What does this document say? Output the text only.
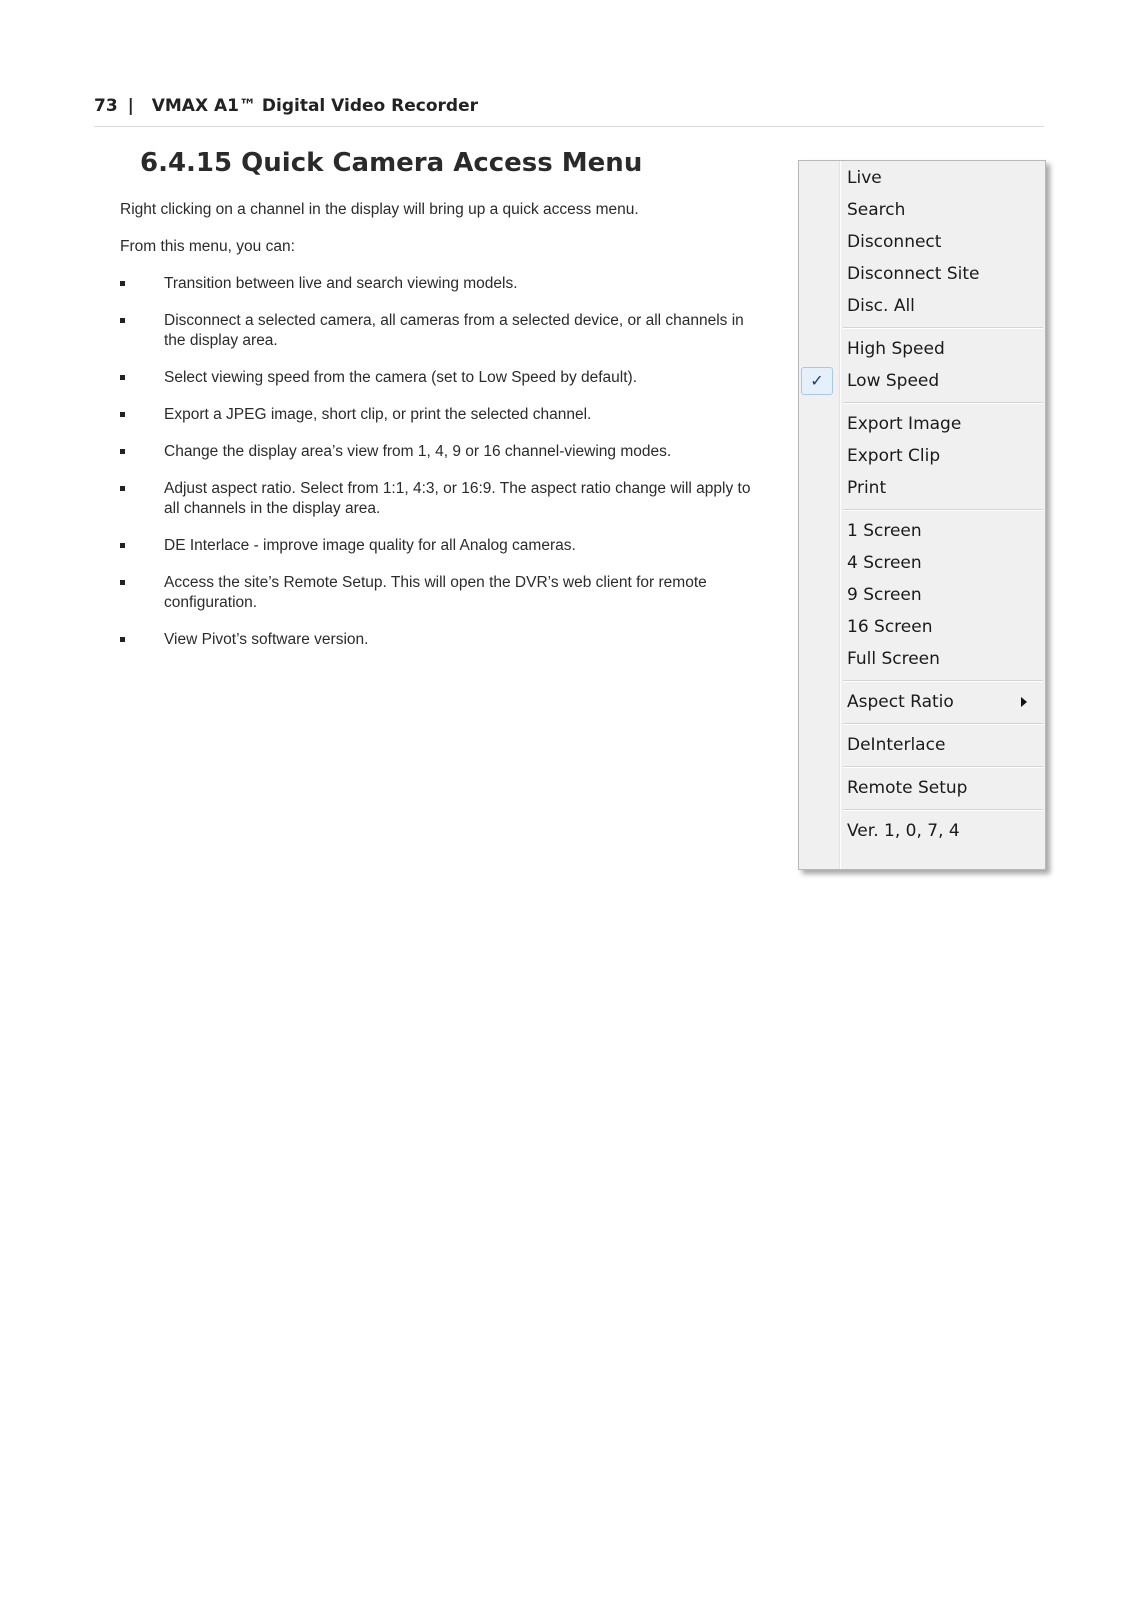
73 | VMAX A1™ Digital Video Recorder
6.4.15 Quick Camera Access Menu

Right clicking on a channel in the display will bring up a quick access menu.

From this menu, you can:

Transition between live and search viewing models.
Disconnect a selected camera, all cameras from a selected device, or all channels in the display area.
Select viewing speed from the camera (set to Low Speed by default).
Export a JPEG image, short clip, or print the selected channel.
Change the display area’s view from 1, 4, 9 or 16 channel-viewing modes.
Adjust aspect ratio. Select from 1:1, 4:3, or 16:9. The aspect ratio change will apply to all channels in the display area.
DE Interlace - improve image quality for all Analog cameras.
Access the site’s Remote Setup. This will open the DVR’s web client for remote configuration.
View Pivot’s software version.
Live
Search
Disconnect
Disconnect Site
Disc. All
High Speed
✓	Low Speed
Export Image
Export Clip
Print
1 Screen
4 Screen
9 Screen
16 Screen
Full Screen
Aspect Ratio
DeInterlace
Remote Setup
Ver. 1, 0, 7, 4
